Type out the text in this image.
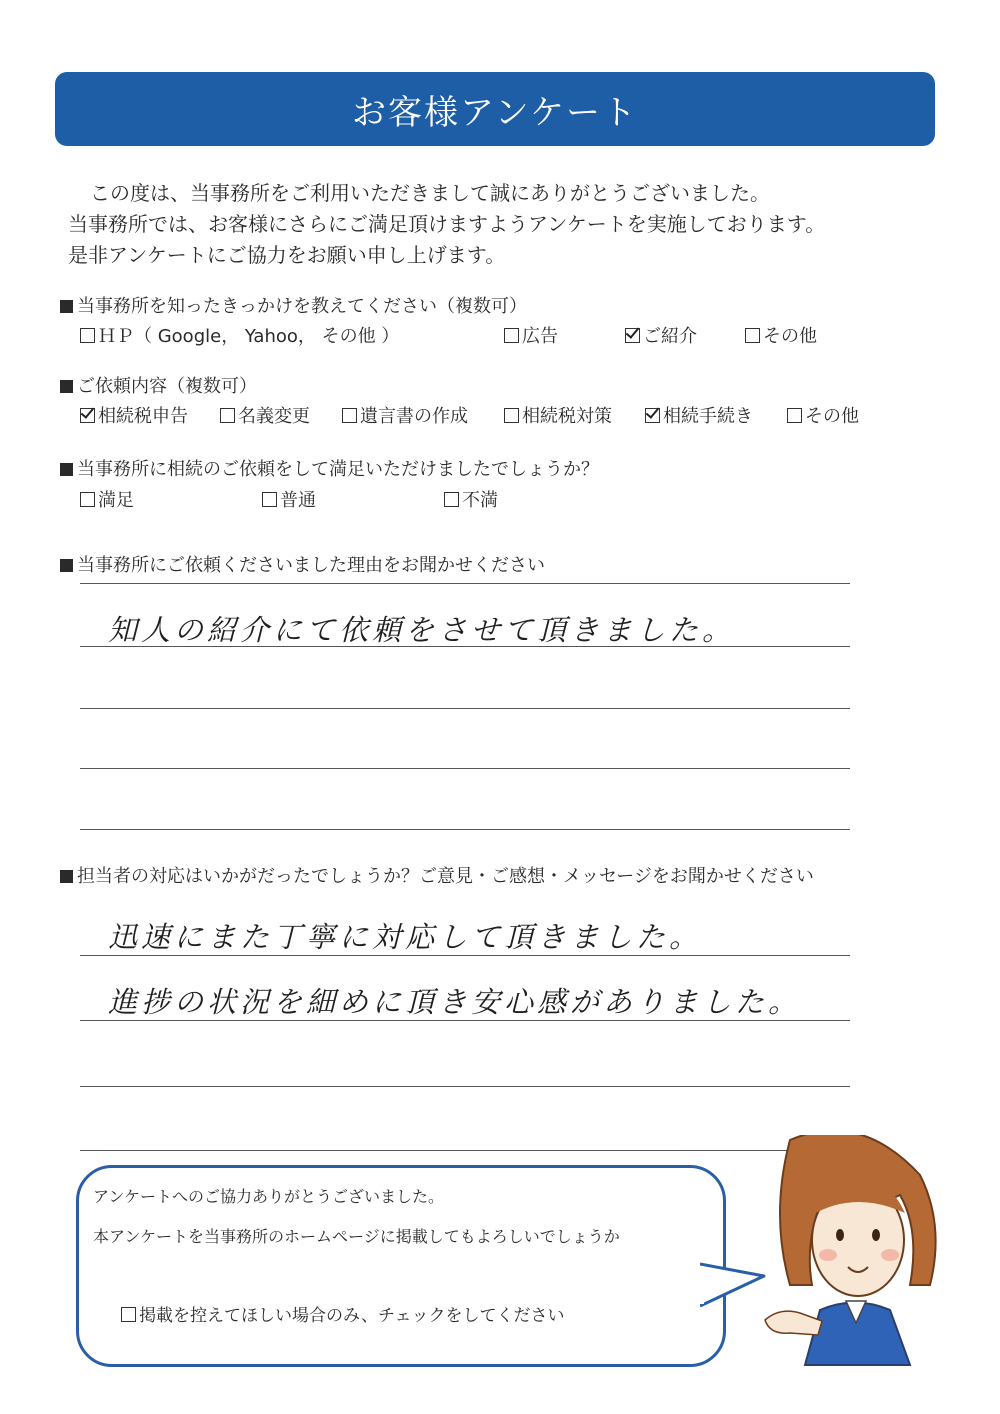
お客様アンケート
この度は、当事務所をご利用いただきまして誠にありがとうございました。
当事務所では、お客様にさらにご満足頂けますようアンケートを実施しております。
是非アンケートにご協力をお願い申し上げます。
当事務所を知ったきっかけを教えてください（複数可）
ＨＰ（ Google， Yahoo， その他 ）	広告	ご紹介	その他
ご依頼内容（複数可）
相続税申告	名義変更	遺言書の作成	相続税対策	相続手続き	その他
当事務所に相続のご依頼をして満足いただけましたでしょうか？
満足	普通	不満
当事務所にご依頼くださいました理由をお聞かせください
知人の紹介にて依頼をさせて頂きました。
担当者の対応はいかがだったでしょうか？ご意見・ご感想・メッセージをお聞かせください
迅速にまた丁寧に対応して頂きました。
進捗の状況を細めに頂き安心感がありました。
アンケートへのご協力ありがとうございました。
本アンケートを当事務所のホームページに掲載してもよろしいでしょうか
掲載を控えてほしい場合のみ、チェックをしてください
